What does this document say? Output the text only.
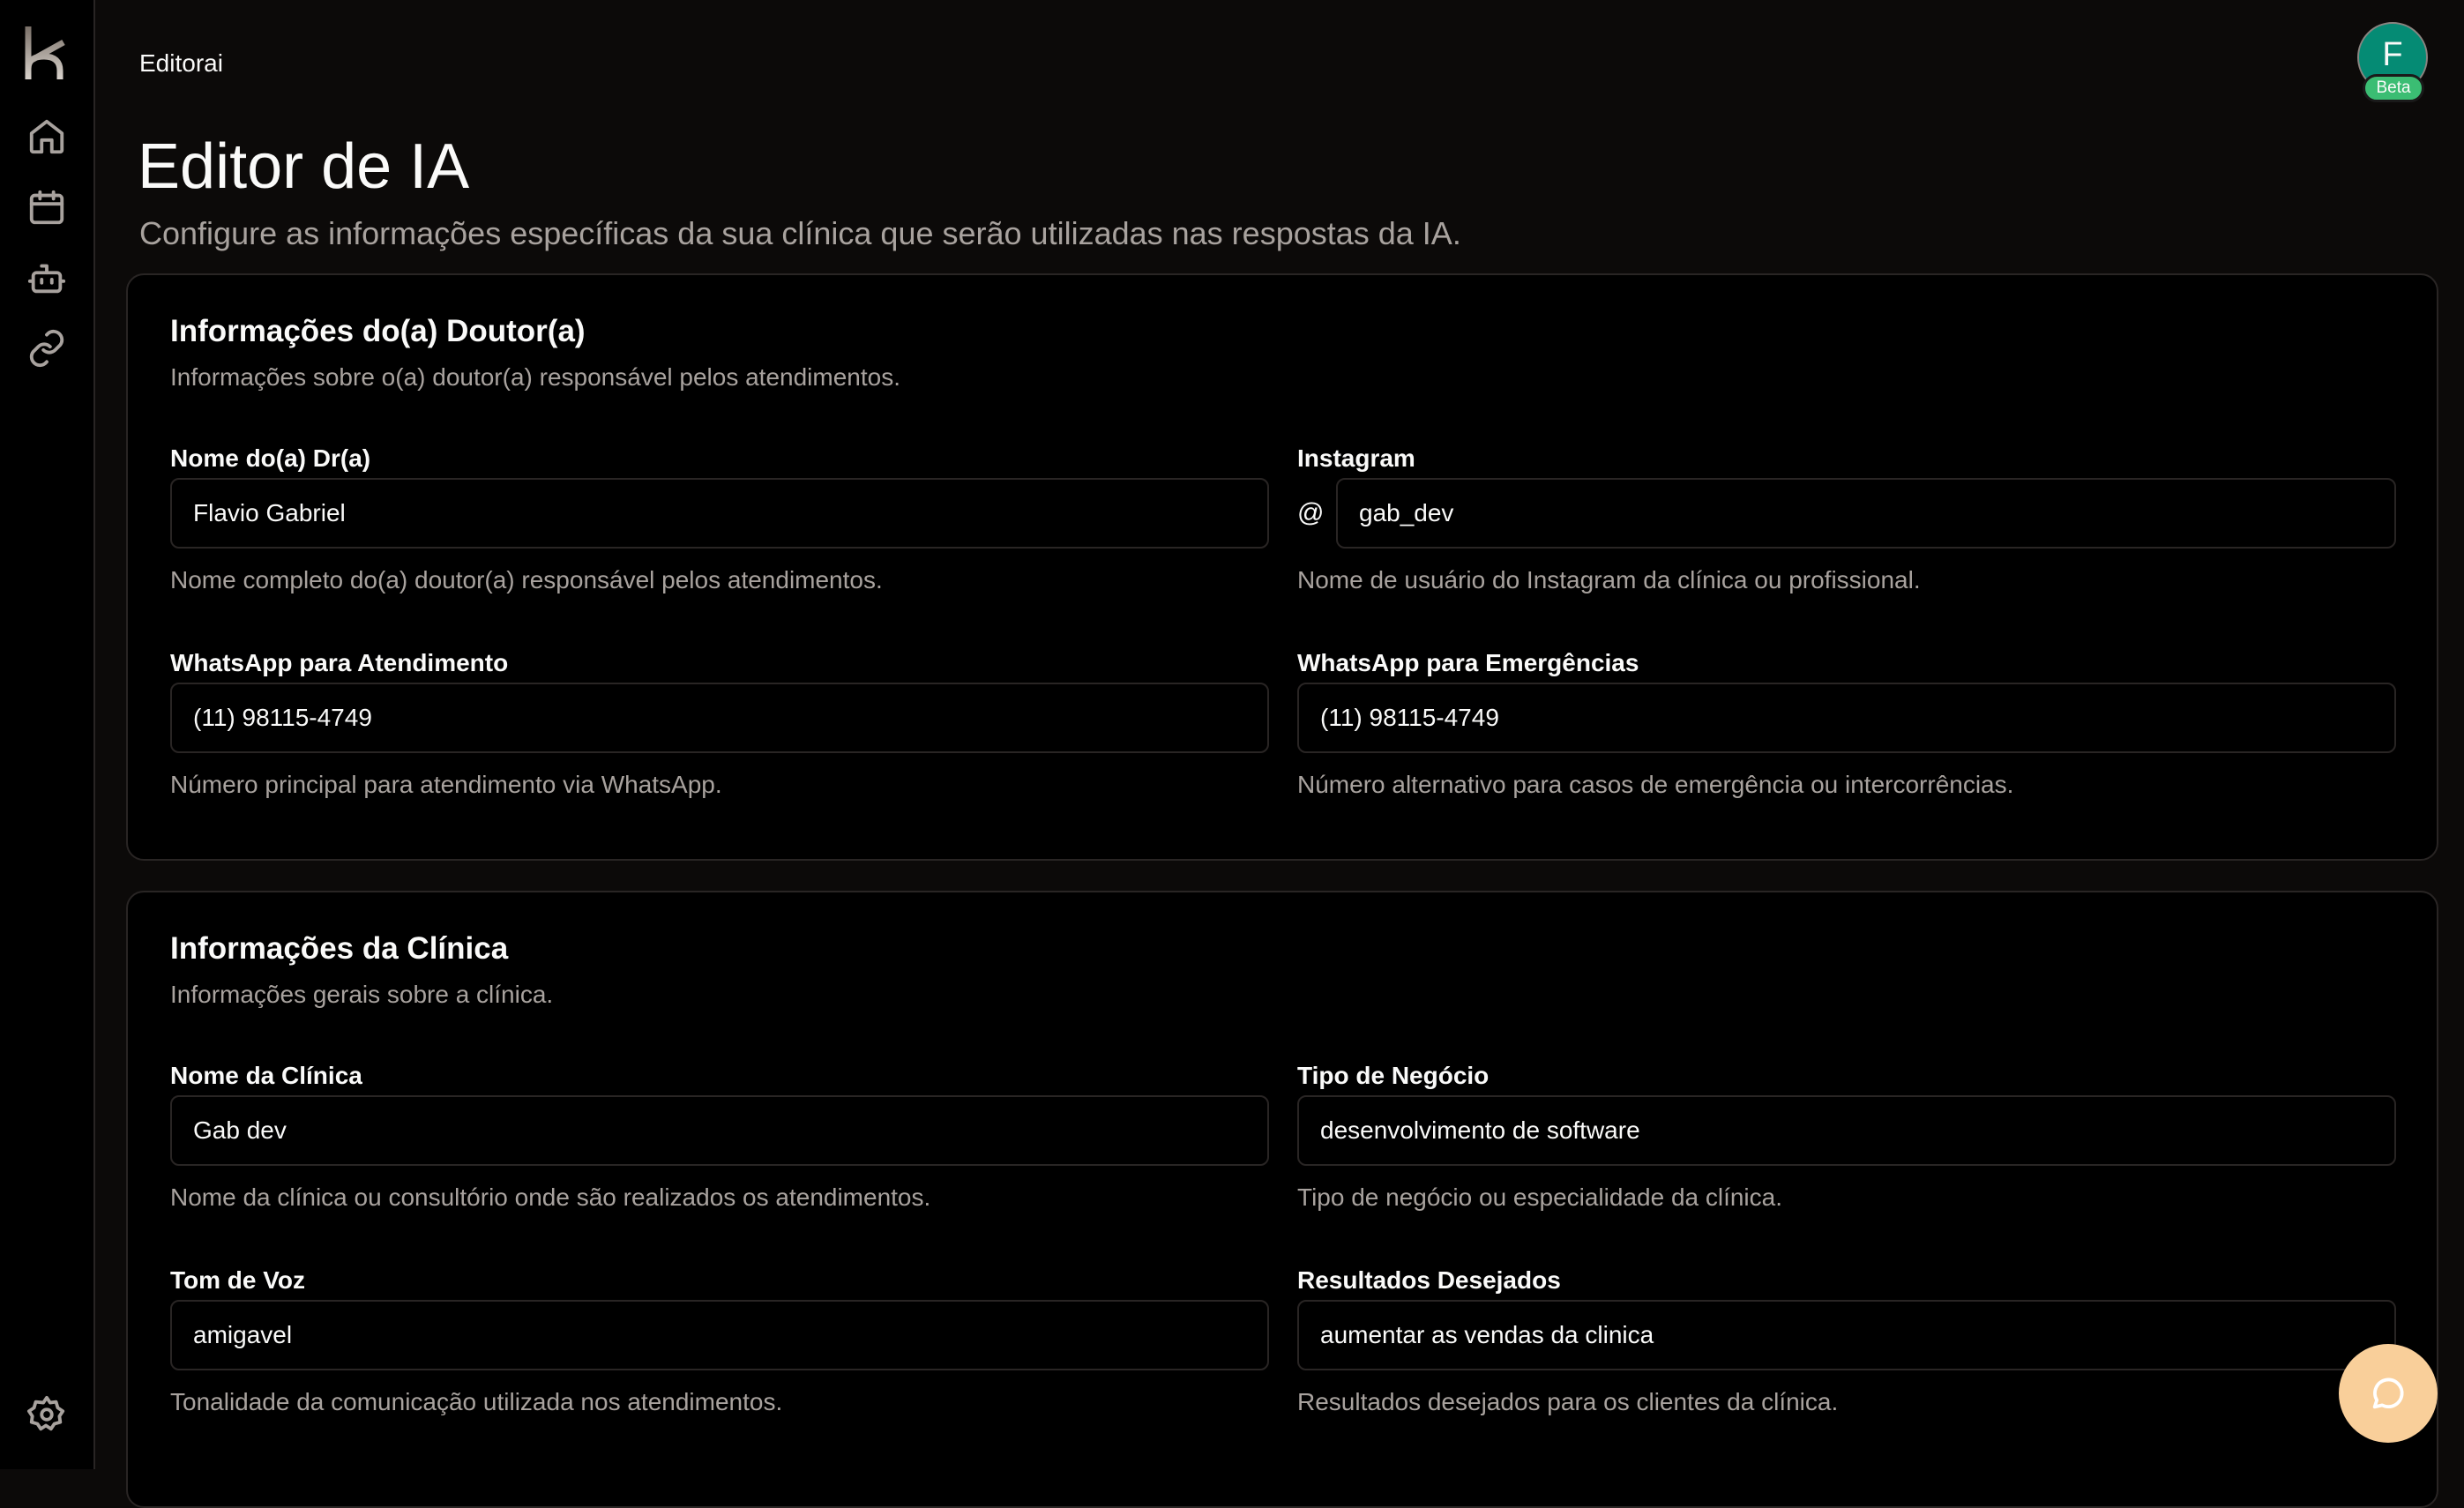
Editorai	F
Beta
Editor de IA

Configure as informações específicas da sua clínica que serão utilizadas nas respostas da IA.

Informações do(a) Doutor(a)

Informações sobre o(a) doutor(a) responsável pelos atendimentos.

Nome do(a) Dr(a)
Flavio Gabriel
Nome completo do(a) doutor(a) responsável pelos atendimentos.
Instagram
@
gab_dev
Nome de usuário do Instagram da clínica ou profissional.
WhatsApp para Atendimento
(11) 98115-4749
Número principal para atendimento via WhatsApp.
WhatsApp para Emergências
(11) 98115-4749
Número alternativo para casos de emergência ou intercorrências.
Informações da Clínica

Informações gerais sobre a clínica.

Nome da Clínica
Gab dev
Nome da clínica ou consultório onde são realizados os atendimentos.
Tipo de Negócio
desenvolvimento de software
Tipo de negócio ou especialidade da clínica.
Tom de Voz
amigavel
Tonalidade da comunicação utilizada nos atendimentos.
Resultados Desejados
aumentar as vendas da clinica
Resultados desejados para os clientes da clínica.
